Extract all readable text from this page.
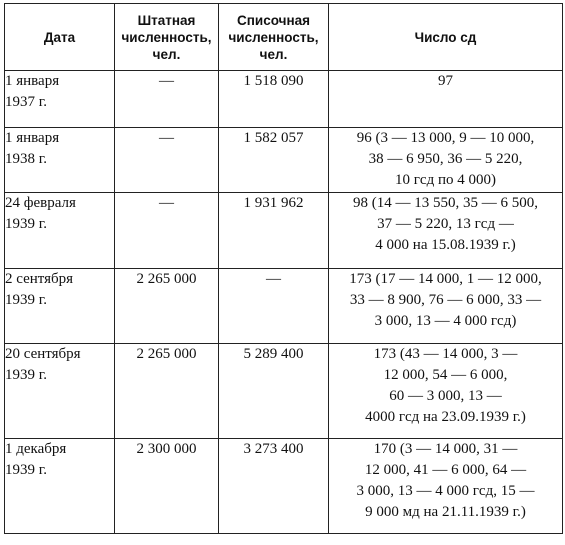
Дата	Штатная
численность,
чел.	Списочная
численность,
чел.	Число сд

1 января
1937 г.	—	1 518 090	97

1 января
1938 г.	—	1 582 057	96 (3 — 13 000, 9 — 10 000,
38 — 6 950, 36 — 5 220,
10 гсд по 4 000)

24 февраля
1939 г.	—	1 931 962	98 (14 — 13 550, 35 — 6 500,
37 — 5 220, 13 гсд —
4 000 на 15.08.1939 г.)

2 сентября
1939 г.	2 265 000	—	173 (17 — 14 000, 1 — 12 000,
33 — 8 900, 76 — 6 000, 33 —
3 000, 13 — 4 000 гсд)

20 сентября
1939 г.	2 265 000	5 289 400	173 (43 — 14 000, 3 —
12 000, 54 — 6 000,
60 — 3 000, 13 —
4000 гсд на 23.09.1939 г.)

1 декабря
1939 г.	2 300 000	3 273 400	170 (3 — 14 000, 31 —
12 000, 41 — 6 000, 64 —
3 000, 13 — 4 000 гсд, 15 —
9 000 мд на 21.11.1939 г.)
